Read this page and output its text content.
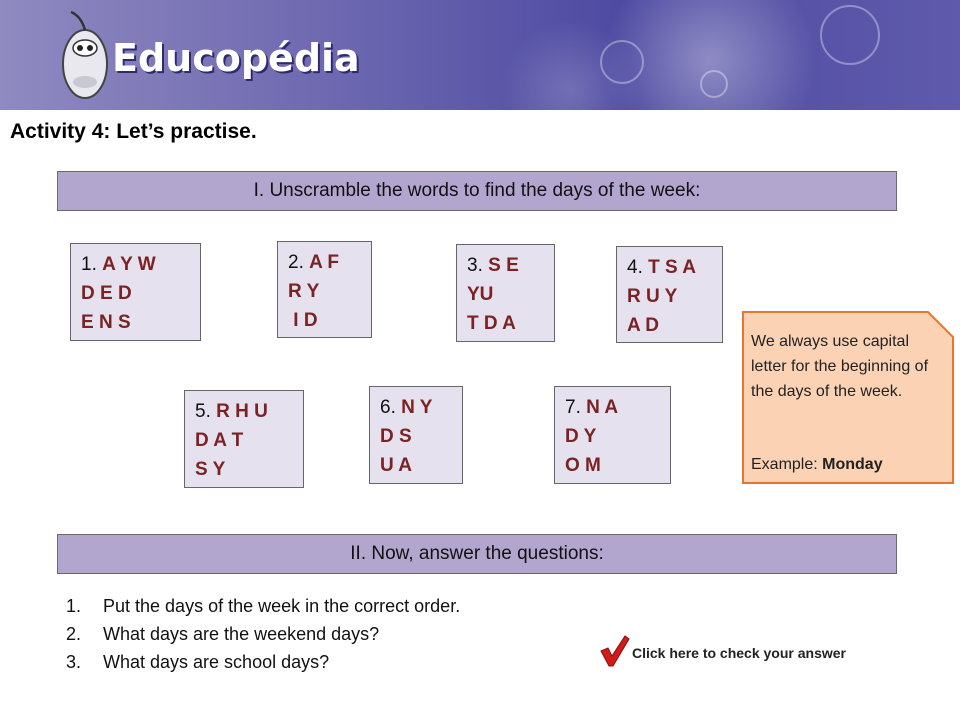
Educopédia
Activity 4: Let’s practise.
I. Unscramble the words to find the days of the week:
1. A Y W
D E D
E N S
2. A F
R Y
I D
3. S E
YU
T D A
4. T S A
R U Y
A D
5. R H U
D A T
S Y
6. N Y
D S
U A
7. N A
D Y
O M
We always use capital letter for the beginning of the days of the week.
Example: Monday
II. Now, answer the questions:
1.	Put the days of the week in the correct order.
2.	What days are the weekend days?
3.	What days are school days?	Click here to check your answer
